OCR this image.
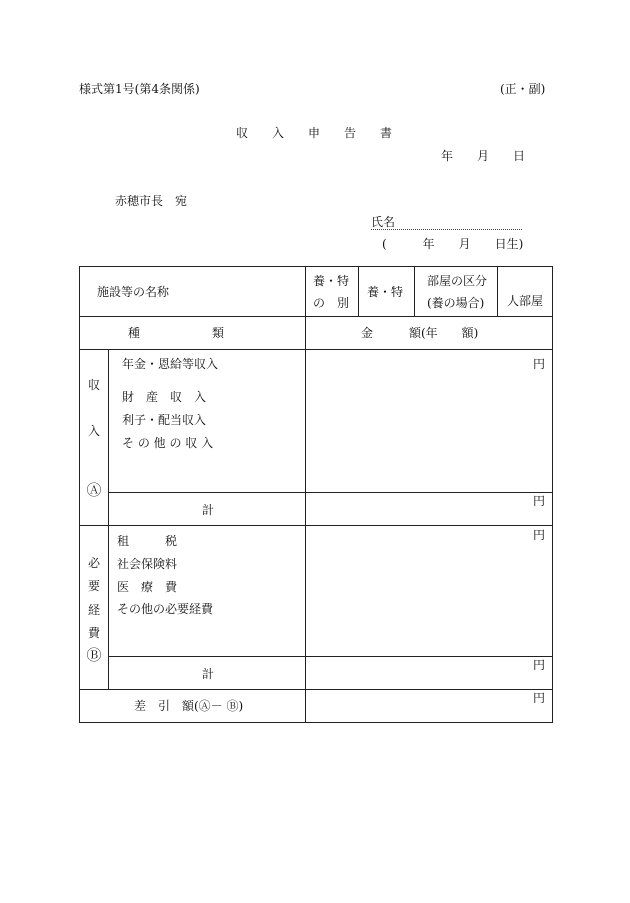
様式第1号(第4条関係)	(正・副)
収　　入　　申　　告　　書
年　　月　　日
赤穂市長　宛
氏名
(　　　年　　月　　日生)
施設等の名称
養・特
の　別
養・特
部屋の区分
(養の場合) 人部屋
種　　　　　　類	金　　　額(年　　額)
収
入
Ⓐ
年金・恩給等収入
財　産　収　入
利子・配当収入
そ の 他 の 収 入
円
計
円
必
要
経
費
Ⓑ
租　　　税
社会保険料
医　療　費
その他の必要経費
円
計
円
差　引　額(Ⓐ－ Ⓑ)
円
